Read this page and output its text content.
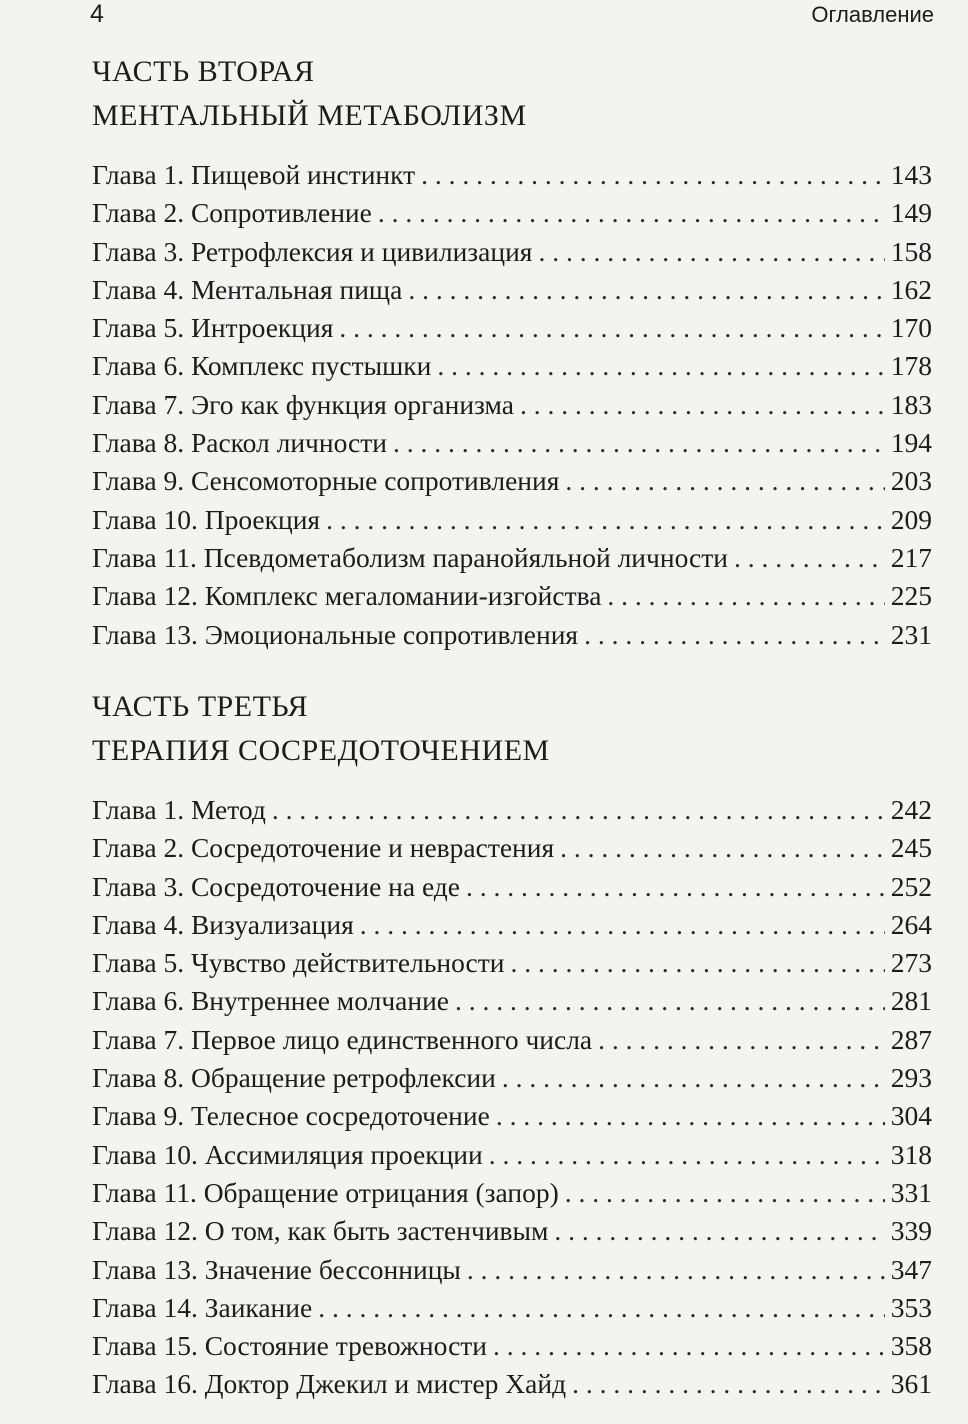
4	Оглавление
ЧАСТЬ ВТОРАЯ
МЕНТАЛЬНЫЙ МЕТАБОЛИЗМ
Глава 1. Пищевой инстинкт . . .	143
Глава 2. Сопротивление . . .	149
Глава 3. Ретрофлексия и цивилизация . . .	158
Глава 4. Ментальная пища . . .	162
Глава 5. Интроекция . . .	170
Глава 6. Комплекс пустышки . . .	178
Глава 7. Эго как функция организма . . .	183
Глава 8. Раскол личности . . .	194
Глава 9. Сенсомоторные сопротивления . . .	203
Глава 10. Проекция . . .	209
Глава 11. Псевдометаболизм паранойяльной личности . . .	217
Глава 12. Комплекс мегаломании-изгойства . . .	225
Глава 13. Эмоциональные сопротивления . . .	231
ЧАСТЬ ТРЕТЬЯ
ТЕРАПИЯ СОСРЕДОТОЧЕНИЕМ
Глава 1. Метод . . .	242
Глава 2. Сосредоточение и неврастения . . .	245
Глава 3. Сосредоточение на еде . . .	252
Глава 4. Визуализация . . .	264
Глава 5. Чувство действительности . . .	273
Глава 6. Внутреннее молчание . . .	281
Глава 7. Первое лицо единственного числа . . .	287
Глава 8. Обращение ретрофлексии . . .	293
Глава 9. Телесное сосредоточение . . .	304
Глава 10. Ассимиляция проекции . . .	318
Глава 11. Обращение отрицания (запор) . . .	331
Глава 12. О том, как быть застенчивым . . .	339
Глава 13. Значение бессонницы . . .	347
Глава 14. Заикание . . .	353
Глава 15. Состояние тревожности . . .	358
Глава 16. Доктор Джекил и мистер Хайд . . .	361
